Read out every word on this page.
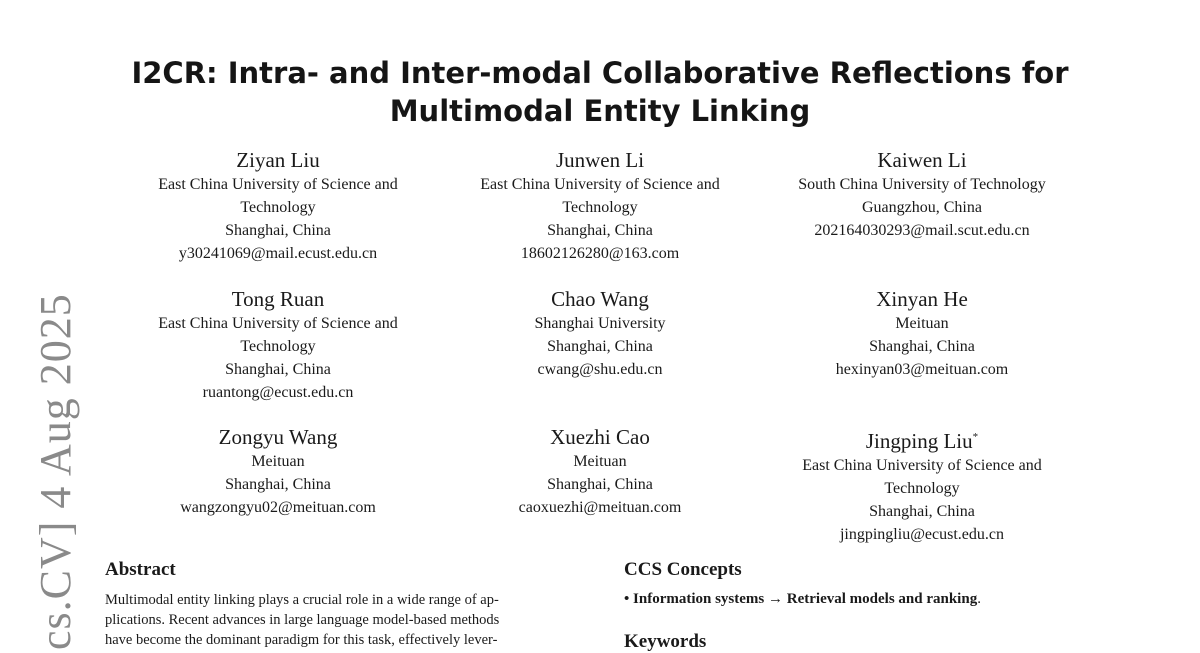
cs.CV] 4 Aug 2025
I2CR: Intra- and Inter-modal Collaborative Reflections for
Multimodal Entity Linking
Ziyan Liu
East China University of Science and
Technology
Shanghai, China
y30241069@mail.ecust.edu.cn
Junwen Li
East China University of Science and
Technology
Shanghai, China
18602126280@163.com
Kaiwen Li
South China University of Technology
Guangzhou, China
202164030293@mail.scut.edu.cn
Tong Ruan
East China University of Science and
Technology
Shanghai, China
ruantong@ecust.edu.cn
Chao Wang
Shanghai University
Shanghai, China
cwang@shu.edu.cn
Xinyan He
Meituan
Shanghai, China
hexinyan03@meituan.com
Zongyu Wang
Meituan
Shanghai, China
wangzongyu02@meituan.com
Xuezhi Cao
Meituan
Shanghai, China
caoxuezhi@meituan.com
Jingping Liu*
East China University of Science and
Technology
Shanghai, China
jingpingliu@ecust.edu.cn
Abstract
Multimodal entity linking plays a crucial role in a wide range of ap-
plications. Recent advances in large language model-based methods
have become the dominant paradigm for this task, effectively lever-
CCS Concepts
• Information systems → Retrieval models and ranking.
Keywords
